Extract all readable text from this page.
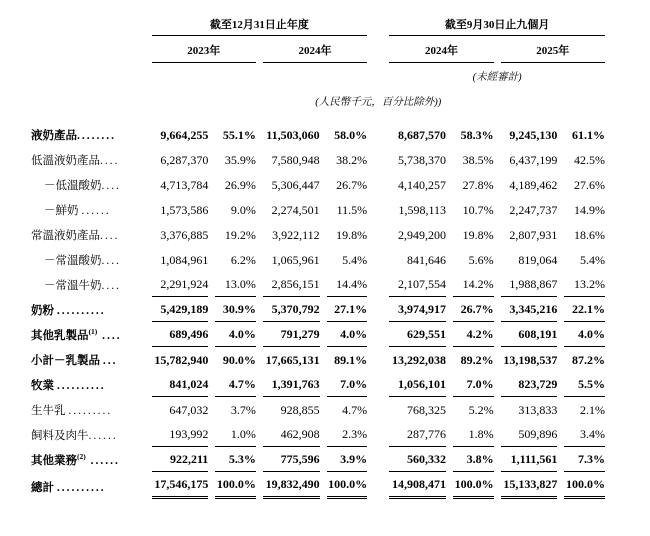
	截至12月31日止年度					截至9月30日止九個月			
	2023年		2024年			2024年		2025年	
						(未經審計)			
	(人民幣千元，百分比除外))								

液奶產品........	9,664,255	55.1%	11,503,060	58.0%		8,687,570	58.3%	9,245,130	61.1%
低溫液奶產品....	6,287,370	35.9%	7,580,948	38.2%		5,738,370	38.5%	6,437,199	42.5%
－低溫酸奶....	4,713,784	26.9%	5,306,447	26.7%		4,140,257	27.8%	4,189,462	27.6%
－鮮奶 ......	1,573,586	9.0%	2,274,501	11.5%		1,598,113	10.7%	2,247,737	14.9%
常溫液奶產品....	3,376,885	19.2%	3,922,112	19.8%		2,949,200	19.8%	2,807,931	18.6%
－常溫酸奶....	1,084,961	6.2%	1,065,961	5.4%		841,646	5.6%	819,064	5.4%
－常溫牛奶....	2,291,924	13.0%	2,856,151	14.4%		2,107,554	14.2%	1,988,867	13.2%
奶粉 ..........	5,429,189	30.9%	5,370,792	27.1%		3,974,917	26.7%	3,345,216	22.1%
其他乳製品$^{(1)}$ ....	689,496	4.0%	791,279	4.0%		629,551	4.2%	608,191	4.0%
小計－乳製品 ...	15,782,940	90.0%	17,665,131	89.1%		13,292,038	89.2%	13,198,537	87.2%
牧業 ..........	841,024	4.7%	1,391,763	7.0%		1,056,101	7.0%	823,729	5.5%
生牛乳 .........	647,032	3.7%	928,855	4.7%		768,325	5.2%	313,833	2.1%
飼料及肉牛......	193,992	1.0%	462,908	2.3%		287,776	1.8%	509,896	3.4%
其他業務$^{(2)}$ ......	922,211	5.3%	775,596	3.9%		560,332	3.8%	1,111,561	7.3%
總計 ..........	17,546,175	100.0%	19,832,490	100.0%		14,908,471	100.0%	15,133,827	100.0%
